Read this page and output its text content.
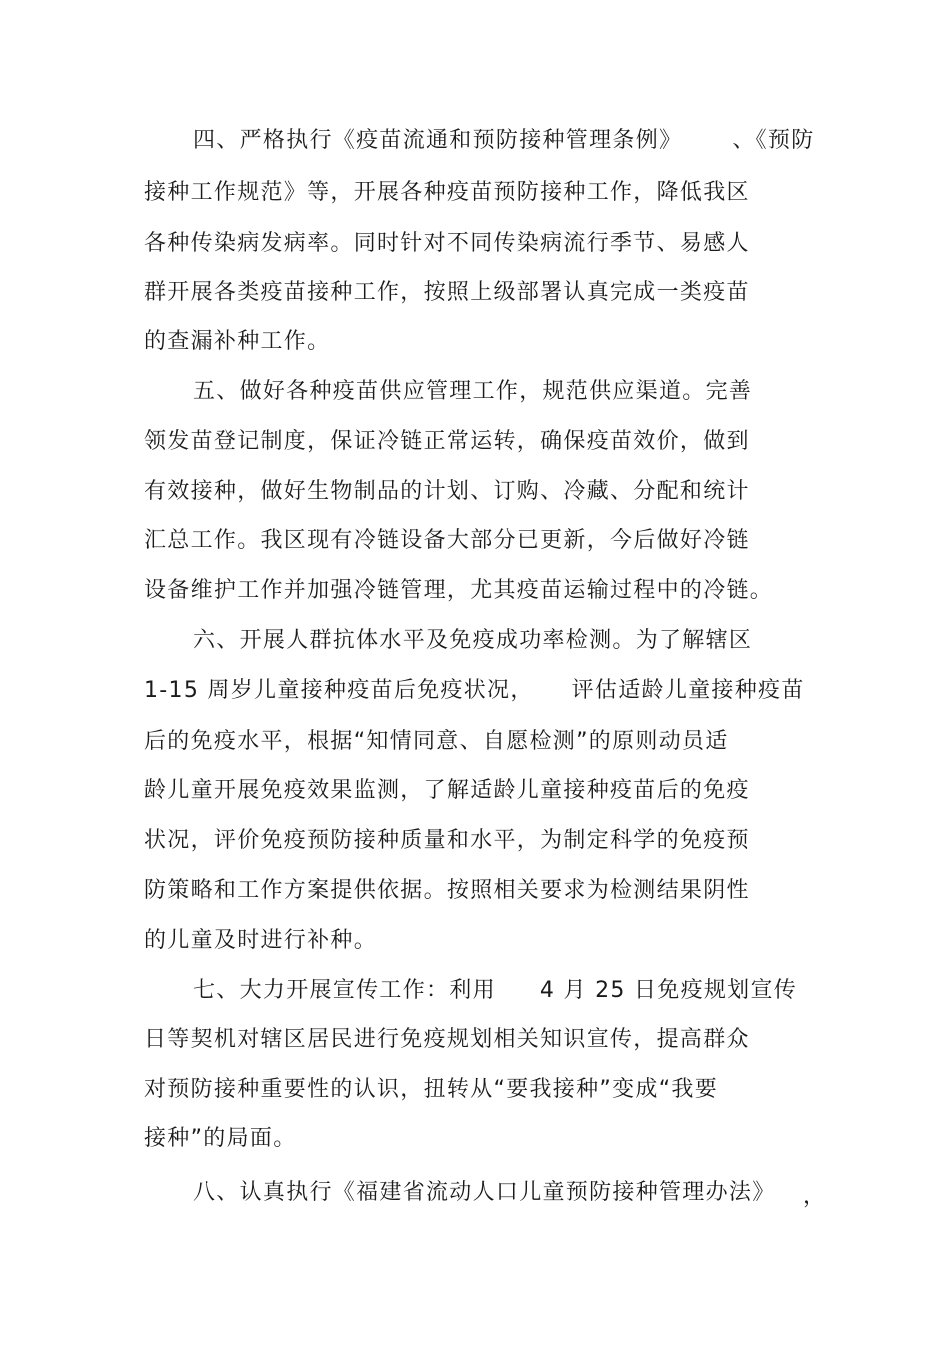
四、严格执行《疫苗流通和预防接种管理条例》 、《预防
接种工作规范》等，开展各种疫苗预防接种工作，降低我区
各种传染病发病率。同时针对不同传染病流行季节、易感人
群开展各类疫苗接种工作，按照上级部署认真完成一类疫苗
的查漏补种工作。
五、做好各种疫苗供应管理工作，规范供应渠道。完善
领发苗登记制度，保证冷链正常运转，确保疫苗效价，做到
有效接种，做好生物制品的计划、订购、冷藏、分配和统计
汇总工作。我区现有冷链设备大部分已更新，今后做好冷链
设备维护工作并加强冷链管理，尤其疫苗运输过程中的冷链。
六、开展人群抗体水平及免疫成功率检测。为了解辖区
1-15 周岁儿童接种疫苗后免疫状况， 评估适龄儿童接种疫苗
后的免疫水平，根据“知情同意、自愿检测”的原则动员适
龄儿童开展免疫效果监测，了解适龄儿童接种疫苗后的免疫
状况，评价免疫预防接种质量和水平，为制定科学的免疫预
防策略和工作方案提供依据。按照相关要求为检测结果阴性
的儿童及时进行补种。
七、大力开展宣传工作：利用 4 月 25 日免疫规划宣传
日等契机对辖区居民进行免疫规划相关知识宣传，提高群众
对预防接种重要性的认识，扭转从“要我接种”变成“我要
接种”的局面。
八、认真执行《福建省流动人口儿童预防接种管理办法》 ，
